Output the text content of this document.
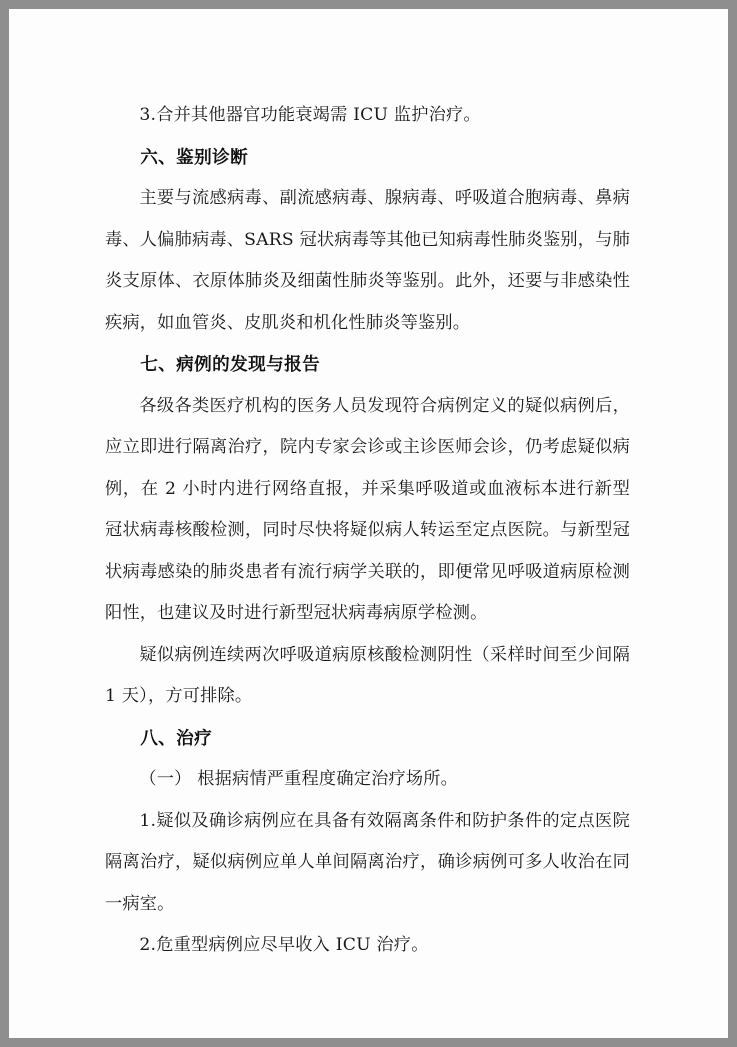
3.合并其他器官功能衰竭需 ICU 监护治疗。

六、鉴别诊断

主要与流感病毒、副流感病毒、腺病毒、呼吸道合胞病毒、鼻病毒、人偏肺病毒、SARS 冠状病毒等其他已知病毒性肺炎鉴别，与肺炎支原体、衣原体肺炎及细菌性肺炎等鉴别。此外，还要与非感染性疾病，如血管炎、皮肌炎和机化性肺炎等鉴别。

七、病例的发现与报告

各级各类医疗机构的医务人员发现符合病例定义的疑似病例后，应立即进行隔离治疗，院内专家会诊或主诊医师会诊，仍考虑疑似病例，在 2 小时内进行网络直报，并采集呼吸道或血液标本进行新型冠状病毒核酸检测，同时尽快将疑似病人转运至定点医院。与新型冠状病毒感染的肺炎患者有流行病学关联的，即便常见呼吸道病原检测阳性，也建议及时进行新型冠状病毒病原学检测。

疑似病例连续两次呼吸道病原核酸检测阴性（采样时间至少间隔 1 天），方可排除。

八、治疗

（一） 根据病情严重程度确定治疗场所。

1.疑似及确诊病例应在具备有效隔离条件和防护条件的定点医院隔离治疗，疑似病例应单人单间隔离治疗，确诊病例可多人收治在同一病室。

2.危重型病例应尽早收入 ICU 治疗。
